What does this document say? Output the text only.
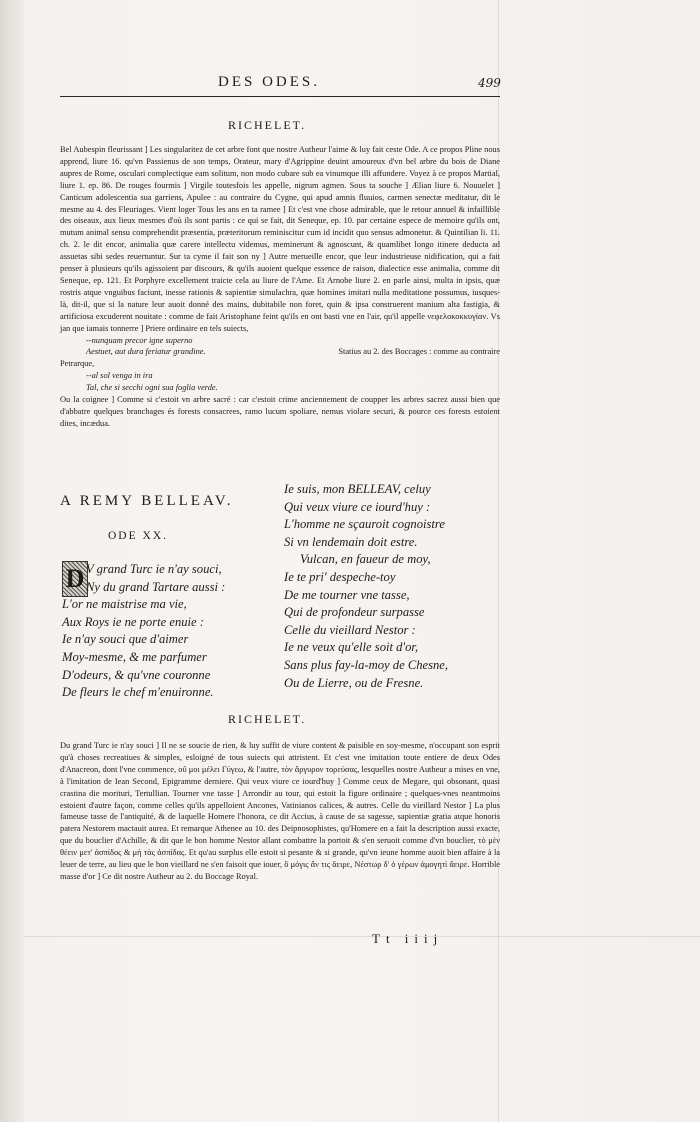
DES ODES.	499
RICHELET.

Bel Aubespin fleurissant ] Les singularitez de cet arbre font que nostre Autheur l'aime & luy fait ceste Ode. A ce propos Pline nous apprend, liure 16. qu'vn Passienus de son temps, Orateur, mary d'Agrippine deuint amoureux d'vn bel arbre du bois de Diane aupres de Rome, osculari complectique eam solitum, non modo cubare sub ea vinumque illi affundere. Voyez à ce propos Martial, liure 1. ep. 86. De rouges fourmis ] Virgile toutesfois les appelle, nigrum agmen. Sous ta souche ] Ælian liure 6. Nouuelet ] Canticum adolescentia sua garriens, Apulee : au contraire du Cygne, qui apud amnis fluuios, carmen senectæ meditatur, dit le mesme au 4. des Fleuriages. Vient loger Tous les ans en ta ramee ] Et c'est vne chose admirable, que le retour annuel & infaillible des oiseaux, aux lieux mesmes d'où ils sont partis : ce qui se fait, dit Seneque, ep. 10. par certaine espece de memoire qu'ils ont, mutum animal sensu comprehendit præsentia, præteritorum reminiscitur cum id incidit quo sensus admonetur. & Quintilian li. 11. ch. 2. le dit encor, animalia quæ carere intellectu videmus, meminerunt & agnoscunt, & quamlibet longo itinere deducta ad assuetas sibi sedes reuertuntur. Sur ta cyme il fait son ny ] Autre merueille encor, que leur industrieuse nidification, qui a fait penser à plusieurs qu'ils agissoient par discours, & qu'ils auoient quelque essence de raison, dialectice esse animalia, comme dit Seneque, ep. 121. Et Porphyre excellement traicte cela au liure de l'Ame. Et Arnobe liure 2. en parle ainsi, multa in ipsis, quæ rostris atque vnguibus faciunt, inesse rationis & sapientiæ simulachra, quæ homines imitari nulla meditatione possumus, iusques-là, dit-il, que si la nature leur auoit donné des mains, dubitabile non foret, quin & ipsa construerent manium alta fastigia, & artificiosa excuderent nouitate : comme de fait Aristophane feint qu'ils en ont basti vne en l'air, qu'il appelle νεφελοκοκκυγίαν. Vs jan que iamais tonnerre ] Priere ordinaire en tels suiects,

--nunquam precor igne superno

Aestuet, aut dura feriatur grandine.	Statius au 2. des Boccages : comme au contraire

Petrarque,

--al sol venga in ira

Tal, che si secchi ogni sua foglia verde.

Ou la coignee ] Comme si c'estoit vn arbre sacré : car c'estoit crime anciennement de coupper les arbres sacrez aussi bien que d'abbatre quelques branchages és forests consacrees, ramo lucum spoliare, nemus violare securi, & pource ces forests estoient dites, incædua.

A REMY BELLEAV.
ODE XX.
D V grand Turc ie n'ay souci,
Ny du grand Tartare aussi :
L'or ne maistrise ma vie,
Aux Roys ie ne porte enuie :
Ie n'ay souci que d'aimer
Moy-mesme, & me parfumer
D'odeurs, & qu'vne couronne
De fleurs le chef m'enuironne.
Ie suis, mon BELLEAV, celuy
Qui veux viure ce iourd'huy :
L'homme ne sçauroit cognoistre
Si vn lendemain doit estre.
Vulcan, en faueur de moy,
Ie te pri' despeche-toy
De me tourner vne tasse,
Qui de profondeur surpasse
Celle du vieillard Nestor :
Ie ne veux qu'elle soit d'or,
Sans plus fay-la-moy de Chesne,
Ou de Lierre, ou de Fresne.
RICHELET.

Du grand Turc ie n'ay souci ] Il ne se soucie de rien, & luy suffit de viure content & paisible en soy-mesme, n'occupant son esprit qu'à choses recreatiues & simples, esloigné de tous suiects qui attristent. Et c'est vne imitation toute entiere de deux Odes d'Anacreon, dont l'vne commence, οὔ μοι μέλει Γύγεω, & l'autre, τὸν ἄργυρον τορεύσας, lesquelles nostre Autheur a mises en vne, à l'imitation de Iean Second, Epigramme derniere. Qui veux viure ce iourd'huy ] Comme ceux de Megare, qui obsonant, quasi crastina die morituri, Tertullian. Tourner vne tasse ] Arrondir au tour, qui estoit la figure ordinaire ; quelques-vnes neantmoins estoient d'autre façon, comme celles qu'ils appelloient Ancones, Vatinianos calices, & autres. Celle du vieillard Nestor ] La plus fameuse tasse de l'antiquité, & de laquelle Homere l'honora, ce dit Accius, à cause de sa sagesse, sapientiæ gratia atque honoris patera Nestorem mactauit aurea. Et remarque Athenee au 10. des Deipnosophistes, qu'Homere en a fait la description aussi exacte, que du bouclier d'Achille, & dit que le bon homme Nestor allant combattre la portoit & s'en seruoit comme d'vn bouclier, τὸ μὲν θέειν μετ' ἀσπίδος & μὴ τὰς ἀσπίδας. Et qu'au surplus elle estoit si pesante & si grande, qu'vn ieune homme auoit bien affaire à la leuer de terre, au lieu que le bon vieillard ne s'en faisoit que iouer, ὃ μόγις ἄν τις ἄειρε, Νέστωρ δ' ὁ γέρων ἀμογητὶ ἄειρε. Horrible masse d'or ] Ce dit nostre Autheur au 2. du Boccage Royal.

Tt iiij
